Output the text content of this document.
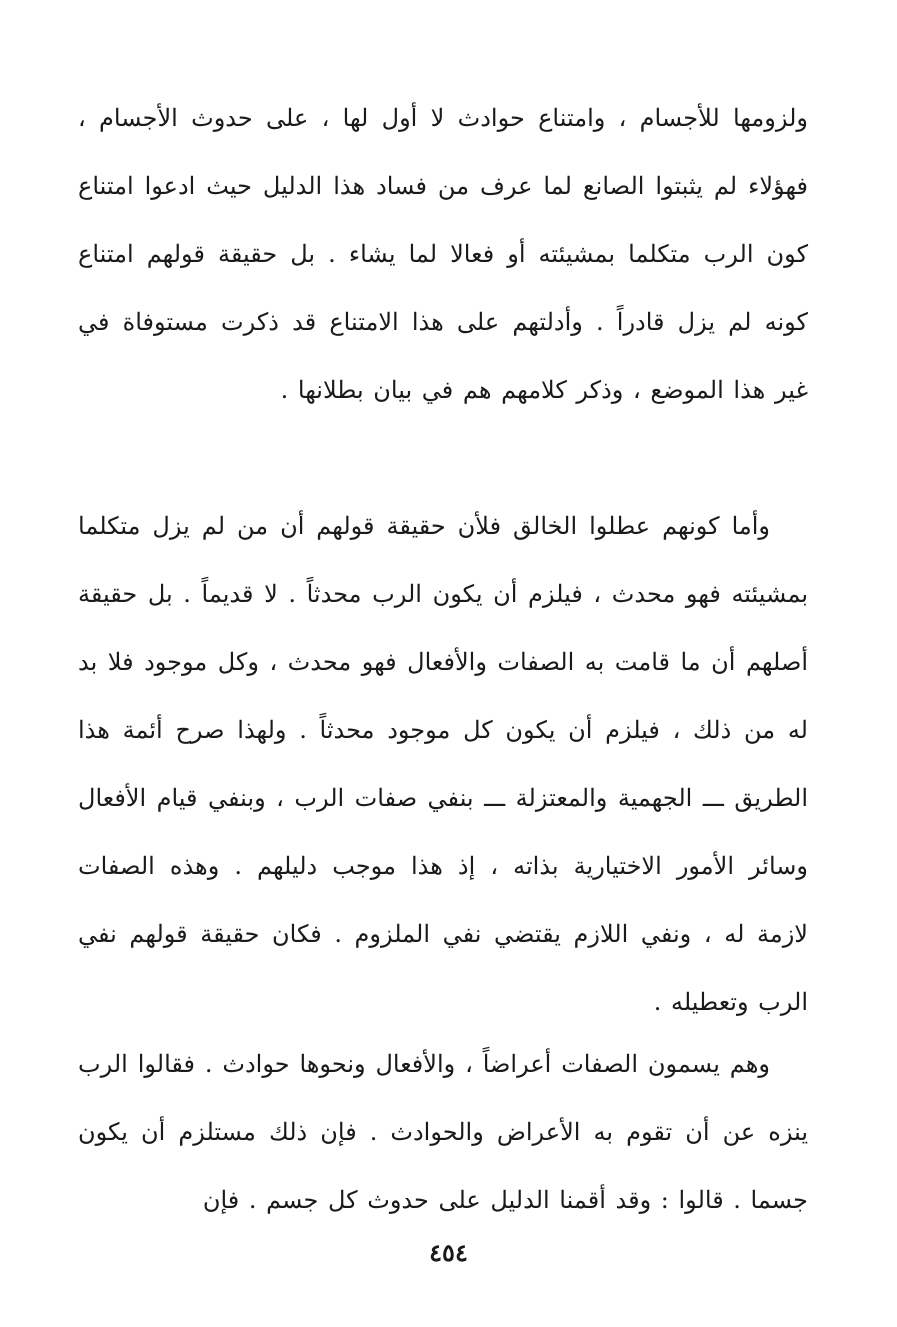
ولزومها للأجسام ، وامتناع حوادث لا أول لها ، على حدوث الأجسام ، فهؤلاء لم يثبتوا الصانع لما عرف من فساد هذا الدليل حيث ادعوا امتناع كون الرب متكلما بمشيئته أو فعالا لما يشاء . بل حقيقة قولهم امتناع كونه لم يزل قادراً . وأدلتهم على هذا الامتناع قد ذكرت مستوفاة في غير هذا الموضع ، وذكر كلامهم هم في بيان بطلانها .

وأما كونهم عطلوا الخالق فلأن حقيقة قولهم أن من لم يزل متكلما بمشيئته فهو محدث ، فيلزم أن يكون الرب محدثاً . لا قديماً . بل حقيقة أصلهم أن ما قامت به الصفات والأفعال فهو محدث ، وكل موجود فلا بد له من ذلك ، فيلزم أن يكون كل موجود محدثاً . ولهذا صرح أئمة هذا الطريق ـــ الجهمية والمعتزلة ـــ بنفي صفات الرب ، وبنفي قيام الأفعال وسائر الأمور الاختيارية بذاته ، إذ هذا موجب دليلهم . وهذه الصفات لازمة له ، ونفي اللازم يقتضي نفي الملزوم . فكان حقيقة قولهم نفي الرب وتعطيله .

وهم يسمون الصفات أعراضاً ، والأفعال ونحوها حوادث . فقالوا الرب ينزه عن أن تقوم به الأعراض والحوادث . فإن ذلك مستلزم أن يكون جسما . قالوا : وقد أقمنا الدليل على حدوث كل جسم . فإن

٤٥٤
